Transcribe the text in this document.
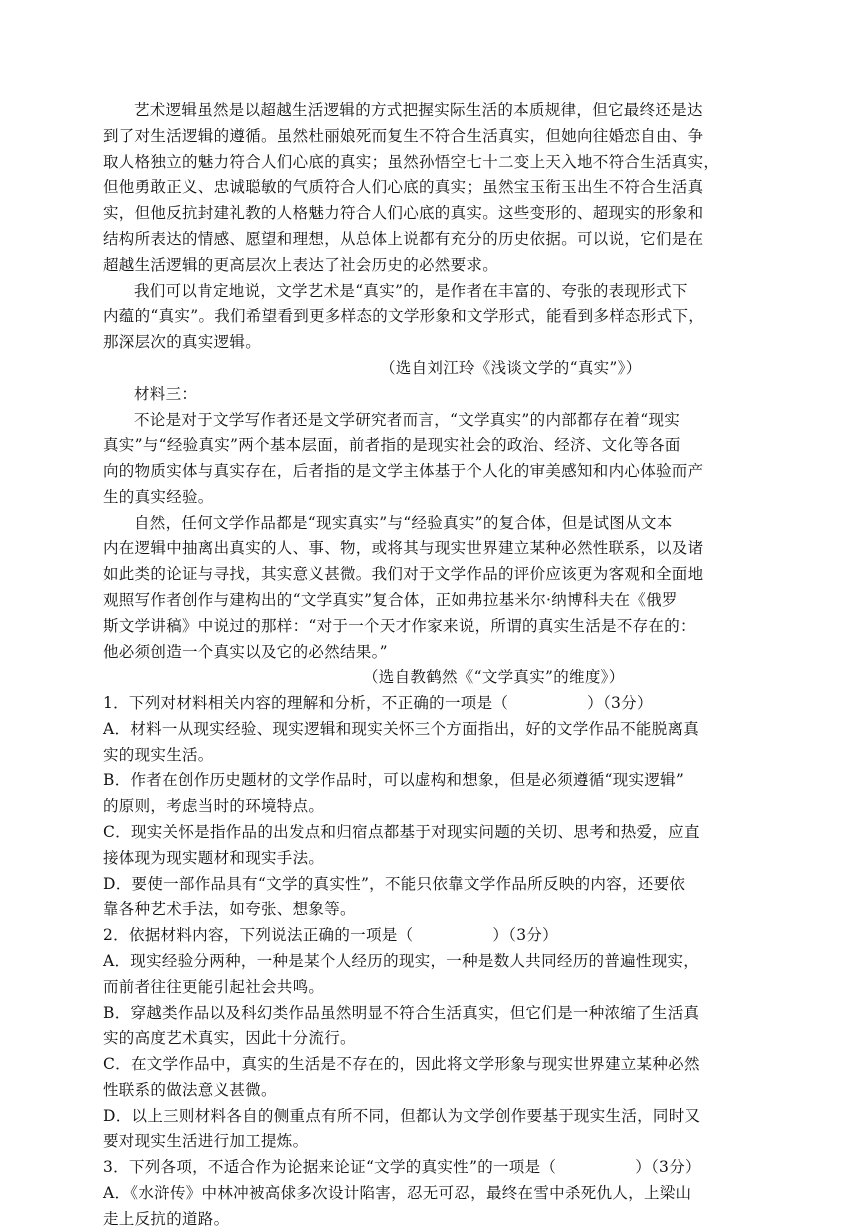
艺术逻辑虽然是以超越生活逻辑的方式把握实际生活的本质规律，但它最终还是达
到了对生活逻辑的遵循。虽然杜丽娘死而复生不符合生活真实，但她向往婚恋自由、争
取人格独立的魅力符合人们心底的真实；虽然孙悟空七十二变上天入地不符合生活真实，
但他勇敢正义、忠诚聪敏的气质符合人们心底的真实；虽然宝玉衔玉出生不符合生活真
实，但他反抗封建礼教的人格魅力符合人们心底的真实。这些变形的、超现实的形象和
结构所表达的情感、愿望和理想，从总体上说都有充分的历史依据。可以说，它们是在
超越生活逻辑的更高层次上表达了社会历史的必然要求。
我们可以肯定地说，文学艺术是“真实”的，是作者在丰富的、夸张的表现形式下
内蕴的“真实”。我们希望看到更多样态的文学形象和文学形式，能看到多样态形式下，
那深层次的真实逻辑。
（选自刘江玲《浅谈文学的“真实”》）
材料三：
不论是对于文学写作者还是文学研究者而言，“文学真实”的内部都存在着“现实
真实”与“经验真实”两个基本层面，前者指的是现实社会的政治、经济、文化等各面
向的物质实体与真实存在，后者指的是文学主体基于个人化的审美感知和内心体验而产
生的真实经验。
自然，任何文学作品都是“现实真实”与“经验真实”的复合体，但是试图从文本
内在逻辑中抽离出真实的人、事、物，或将其与现实世界建立某种必然性联系，以及诸
如此类的论证与寻找，其实意义甚微。我们对于文学作品的评价应该更为客观和全面地
观照写作者创作与建构出的“文学真实”复合体，正如弗拉基米尔·纳博科夫在《俄罗
斯文学讲稿》中说过的那样：“对于一个天才作家来说，所谓的真实生活是不存在的：
他必须创造一个真实以及它的必然结果。”
（选自教鹤然《“文学真实”的维度》）
1．下列对材料相关内容的理解和分析，不正确的一项是（　　　　　）（3分）
A．材料一从现实经验、现实逻辑和现实关怀三个方面指出，好的文学作品不能脱离真
实的现实生活。
B．作者在创作历史题材的文学作品时，可以虚构和想象，但是必须遵循“现实逻辑”
的原则，考虑当时的环境特点。
C．现实关怀是指作品的出发点和归宿点都基于对现实问题的关切、思考和热爱，应直
接体现为现实题材和现实手法。
D．要使一部作品具有“文学的真实性”，不能只依靠文学作品所反映的内容，还要依
靠各种艺术手法，如夸张、想象等。
2．依据材料内容，下列说法正确的一项是（　　　　　）（3分）
A．现实经验分两种，一种是某个人经历的现实，一种是数人共同经历的普遍性现实，
而前者往往更能引起社会共鸣。
B．穿越类作品以及科幻类作品虽然明显不符合生活真实，但它们是一种浓缩了生活真
实的高度艺术真实，因此十分流行。
C．在文学作品中，真实的生活是不存在的，因此将文学形象与现实世界建立某种必然
性联系的做法意义甚微。
D．以上三则材料各自的侧重点有所不同，但都认为文学创作要基于现实生活，同时又
要对现实生活进行加工提炼。
3．下列各项，不适合作为论据来论证“文学的真实性”的一项是（　　　　　）（3分）
A．《水浒传》中林冲被高俅多次设计陷害，忍无可忍，最终在雪中杀死仇人，上梁山
走上反抗的道路。
